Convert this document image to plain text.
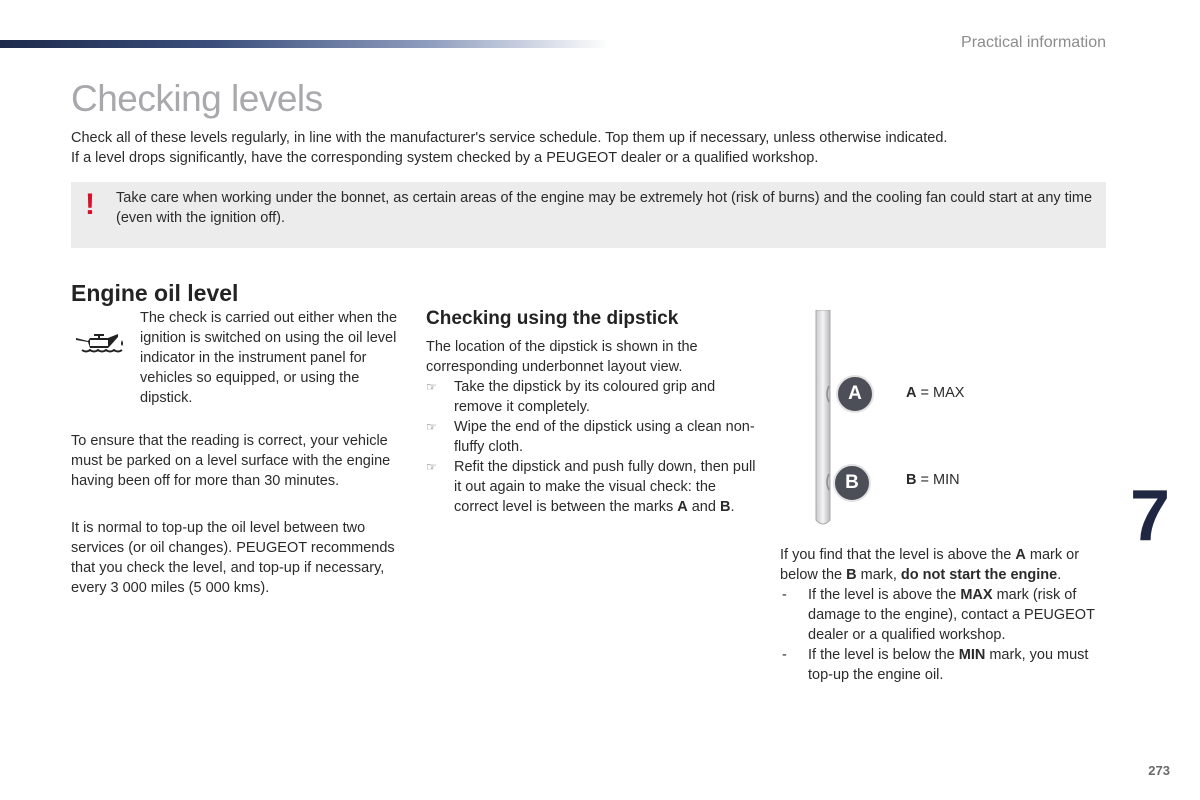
Practical information
Checking levels

Check all of these levels regularly, in line with the manufacturer's service schedule. Top them up if necessary, unless otherwise indicated.

If a level drops significantly, have the corresponding system checked by a PEUGEOT dealer or a qualified workshop.

! Take care when working under the bonnet, as certain areas of the engine may be extremely hot (risk of burns) and the cooling fan could start at any time (even with the ignition off).
Engine oil level

The check is carried out either when the ignition is switched on using the oil level indicator in the instrument panel for vehicles so equipped, or using the dipstick.

To ensure that the reading is correct, your vehicle must be parked on a level surface with the engine having been off for more than 30 minutes.

It is normal to top-up the oil level between two services (or oil changes). PEUGEOT recommends that you check the level, and top-up if necessary, every 3 000 miles (5 000 kms).

Checking using the dipstick

The location of the dipstick is shown in the corresponding underbonnet layout view.

☞ Take the dipstick by its coloured grip and remove it completely.
☞ Wipe the end of the dipstick using a clean non-fluffy cloth.
☞ Refit the dipstick and push fully down, then pull it out again to make the visual check: the correct level is between the marks A and B.
A
B
A = MAX
B = MIN 7

If you find that the level is above the A mark or below the B mark, do not start the engine.

- If the level is above the MAX mark (risk of damage to the engine), contact a PEUGEOT dealer or a qualified workshop.
- If the level is below the MIN mark, you must top-up the engine oil.
273
